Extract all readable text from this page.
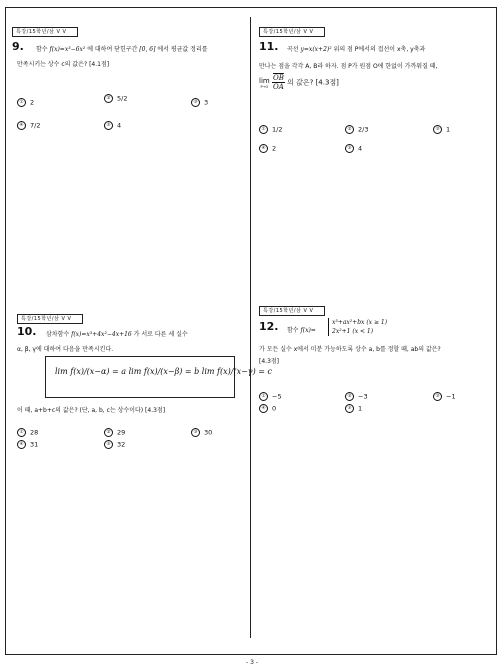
특강/15학년/삼 V Ⅴ
9. 함수 f(x)=x³−6x² 에 대하여 닫힌구간 [0, 6] 에서 평균값 정리를
만족시키는 상수 c의 값은? [4.1점]
① 2	② 5/2	③ 3
④ 7/2	⑤ 4
특강/15학년/삼 V Ⅴ
10. 삼차함수 f(x)=x³+4x²−4x+16 가 서로 다른 세 실수
α, β, γ에 대하여 다음을 만족시킨다.
lim f(x)/(x−α) = a lim f(x)/(x−β) = b lim f(x)/(x−γ) = c
이 때, a+b+c의 값은? (단, a, b, c는 상수이다) [4.3점]
① 28	② 29	③ 30
④ 31	⑤ 32
특강/15학년/삼 V Ⅴ
11. 곡선 y=x(x+2)² 위의 점 P에서의 접선이 x축, y축과
만나는 점을 각각 A, B라 하자. 점 P가 원점 O에 한없이 가까워질 때,
lim
P→O
$\frac{\overline{OB}}{OA}$ 의 값은? [4.3점]
① 1/2	② 2/3	③ 1
④ 2	⑤ 4
특강/15학년/삼 V Ⅴ
12. 함수 f(x)=
x³+ax²+bx (x ≥ 1)
2x²+1 (x < 1)
가 모든 실수 x에서 미분 가능하도록 상수 a, b를 정할 때, ab의 값은?
[4.3점]
① −5	② −3	③ −1
④ 0	⑤ 1
- 3 -
